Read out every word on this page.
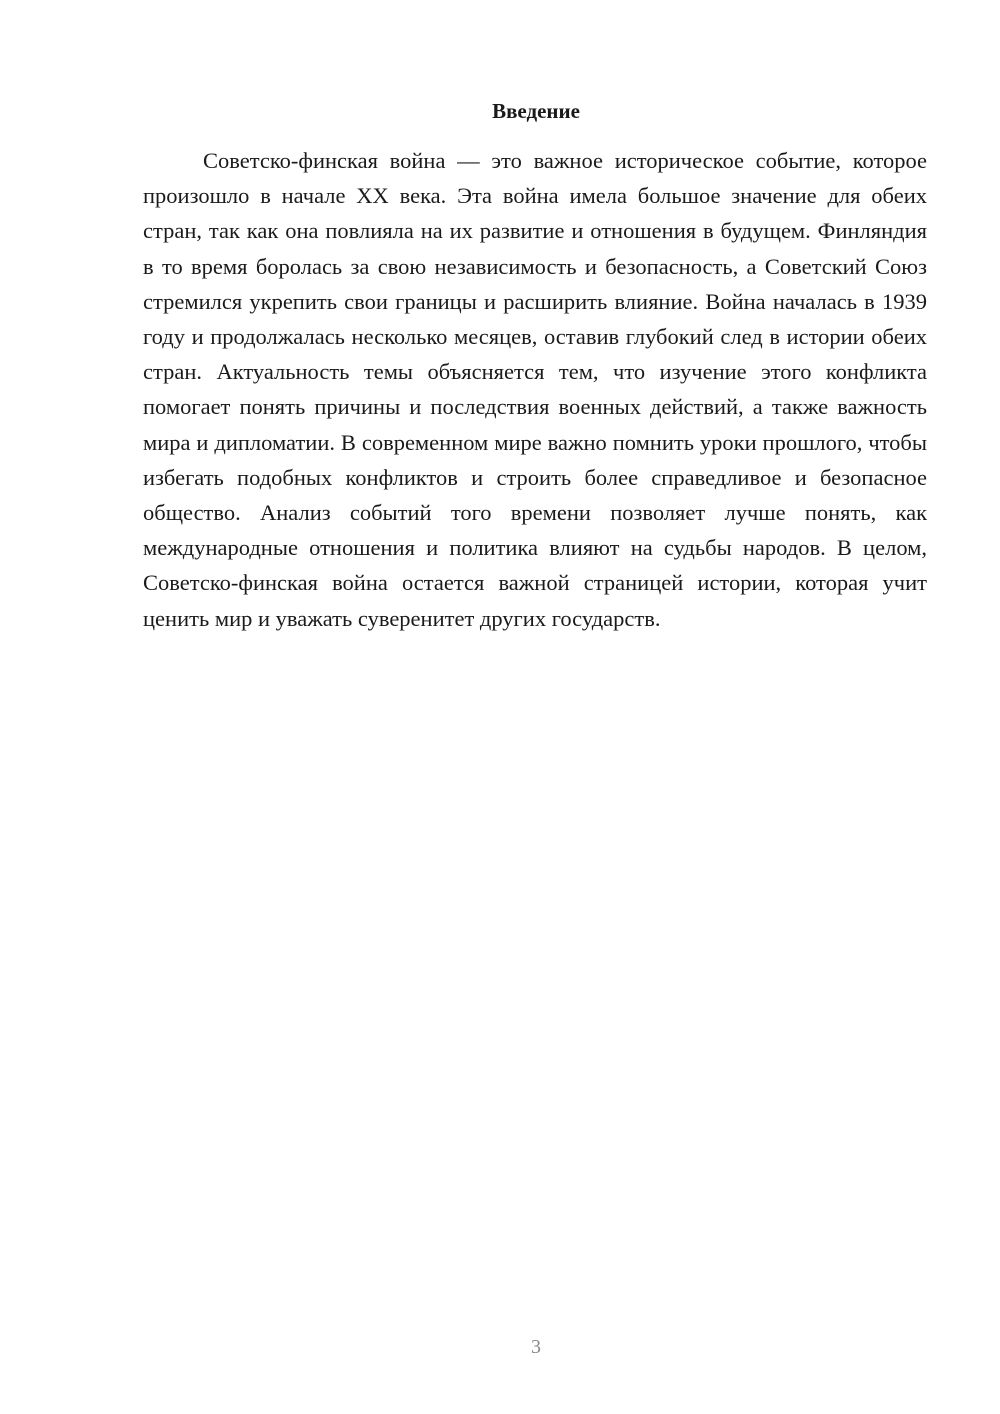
Введение

Советско-финская война — это важное историческое событие, которое произошло в начале XX века. Эта война имела большое значение для обеих стран, так как она повлияла на их развитие и отношения в будущем. Финляндия в то время боролась за свою независимость и безопасность, а Советский Союз стремился укрепить свои границы и расширить влияние. Война началась в 1939 году и продолжалась несколько месяцев, оставив глубокий след в истории обеих стран. Актуальность темы объясняется тем, что изучение этого конфликта помогает понять причины и последствия военных действий, а также важность мира и дипломатии. В современном мире важно помнить уроки прошлого, чтобы избегать подобных конфликтов и строить более справедливое и безопасное общество. Анализ событий того времени позволяет лучше понять, как международные отношения и политика влияют на судьбы народов. В целом, Советско-финская война остается важной страницей истории, которая учит ценить мир и уважать суверенитет других государств.

3
